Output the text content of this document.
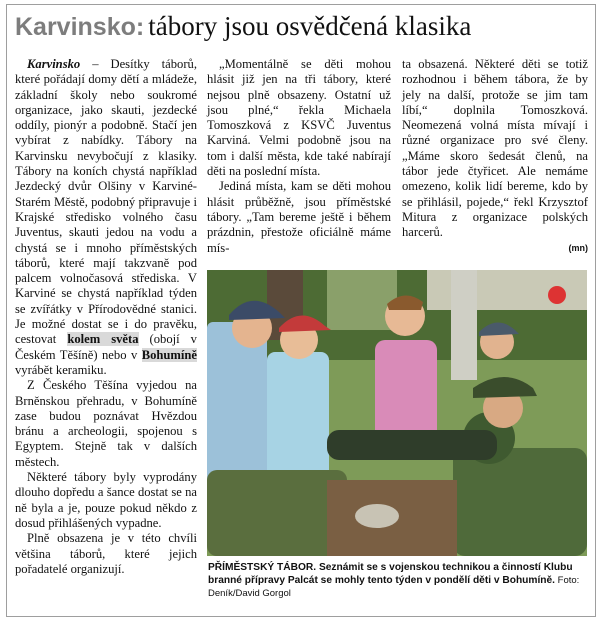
Karvinsko: tábory jsou osvědčená klasika

Karvinsko – Desítky táborů, které pořádají domy dětí a mládeže, základní školy nebo soukromé organizace, jako skauti, jezdecké oddíly, pionýr a podobně. Stačí jen vybírat z nabídky. Tábory na Karvinsku nevybočují z klasiky. Tábory na koních chystá například Jezdecký dvůr Olšiny v Karviné-Starém Městě, podobný připravuje i Krajské středisko volného času Juventus, skauti jedou na vodu a chystá se i mnoho příměstských táborů, které mají takzvaně pod palcem volnočasová střediska. V Karviné se chystá například týden se zvířátky v Přírodovědné stanici. Je možné dostat se i do pravěku, cestovat kolem světa (obojí v Českém Těšíně) nebo v Bohumíně vyrábět keramiku.

Z Českého Těšína vyjedou na Brněnskou přehradu, v Bohumíně zase budou poznávat Hvězdou bránu a archeologii, spojenou s Egyptem. Stejně tak v dalších městech.

Některé tábory byly vyprodány dlouho dopředu a šance dostat se na ně byla a je, pouze pokud někdo z dosud přihlášených vypadne.

Plně obsazena je v této chvíli většina táborů, které jejich pořadatelé organizují.

„Momentálně se děti mohou hlásit již jen na tři tábory, které nejsou plně obsazeny. Ostatní už jsou plné,“ řekla Michaela Tomoszková z KSVČ Juventus Karviná. Velmi podobně jsou na tom i další města, kde také nabírají děti na poslední místa.

Jediná místa, kam se děti mohou hlásit průběžně, jsou příměstské tábory. „Tam bereme ještě i během prázdnin, přestože oficiálně máme mís-

ta obsazená. Některé děti se totiž rozhodnou i během tábora, že by jely na další, protože se jim tam líbí,“ doplnila Tomoszková. Neomezená volná místa mívají i různé organizace pro své členy. „Máme skoro šedesát členů, na tábor jede čtyřicet. Ale nemáme omezeno, kolik lidí bereme, kdo by se přihlásil, pojede,“ řekl Krzysztof Mitura z organizace polských harcerů.

(mn)
PŘÍMĚSTSKÝ TÁBOR. Seznámit se s vojenskou technikou a činností Klubu branné přípravy Palcát se mohly tento týden v pondělí děti v Bohumíně. Foto: Deník/David Gorgol
